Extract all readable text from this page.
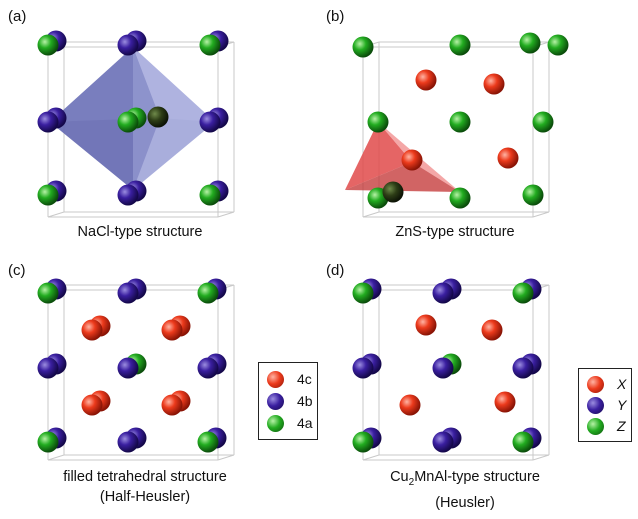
(a)	(b)
(c)	(d)
NaCl-type structure	ZnS-type structure
filled tetrahedral structure
(Half-Heusler)
$Cu_2MnAl$-type structure
(Heusler)
4c
4b
4a
X
Y
Z
